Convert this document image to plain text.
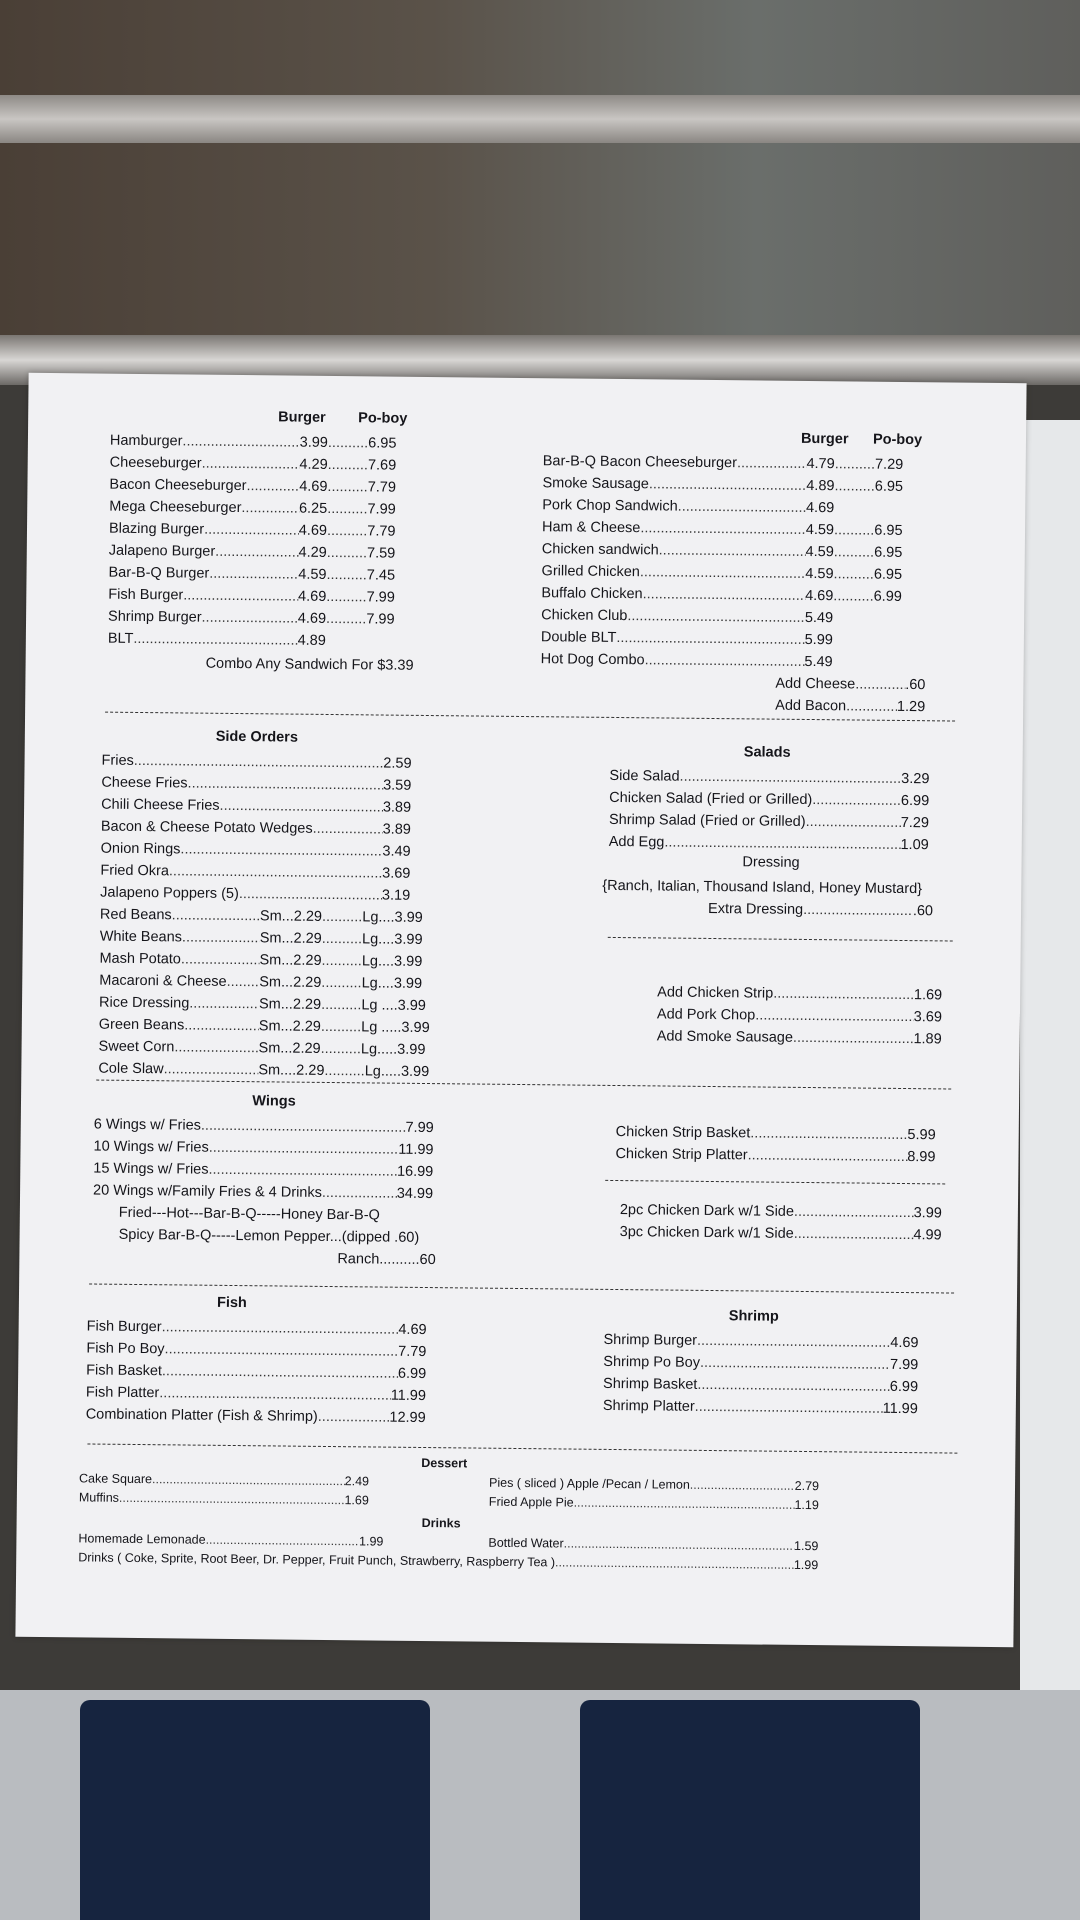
Burger Po-boy
Hamburger .....	3.99 .....	6.95
Cheeseburger .....	4.29 .....	7.69
Bacon Cheeseburger .....	4.69 .....	7.79
Mega Cheeseburger .....	6.25 .....	7.99
Blazing Burger .....	4.69 .....	7.79
Jalapeno Burger .....	4.29 .....	7.59
Bar-B-Q Burger .....	4.59 .....	7.45
Fish Burger .....	4.69 .....	7.99
Shrimp Burger .....	4.69 .....	7.99
BLT .....	4.89
Combo Any Sandwich For $3.39
Burger Po-boy
Bar-B-Q Bacon Cheeseburger .....	4.79 .....	7.29
Smoke Sausage .....	4.89 .....	6.95
Pork Chop Sandwich .....	4.69
Ham & Cheese .....	4.59 .....	6.95
Chicken sandwich .....	4.59 .....	6.95
Grilled Chicken .....	4.59 .....	6.95
Buffalo Chicken .....	4.69 .....	6.99
Chicken Club .....	5.49
Double BLT .....	5.99
Hot Dog Combo .....	5.49
Add Cheese .....	.60
Add Bacon .....	1.29
Side Orders
Fries .....	2.59
Cheese Fries .....	3.59
Chili Cheese Fries .....	3.89
Bacon & Cheese Potato Wedges .....	3.89
Onion Rings .....	3.49
Fried Okra .....	3.69
Jalapeno Poppers (5) .....	3.19
Red Beans .....	Sm...2.29 .....	Lg....3.99
White Beans .....	Sm...2.29 .....	Lg....3.99
Mash Potato .....	Sm...2.29 .....	Lg....3.99
Macaroni & Cheese ..... Sm...2.29 .....	Lg....3.99
Rice Dressing .....	Sm...2.29 .....	Lg ....3.99
Green Beans .....	Sm...2.29 .....	Lg .....3.99
Sweet Corn .....	Sm...2.29 .....	Lg.....3.99
Cole Slaw .....	Sm....2.29 .....	Lg.....3.99
Salads
Side Salad .....	3.29
Chicken Salad (Fried or Grilled) .....	6.99
Shrimp Salad (Fried or Grilled) .....	7.29
Add Egg .....	1.09
Dressing
{Ranch, Italian, Thousand Island, Honey Mustard}
Extra Dressing .....	.60
Add Chicken Strip .....	1.69
Add Pork Chop .....	3.69
Add Smoke Sausage .....	1.89
Wings
6 Wings w/ Fries .....	7.99
10 Wings w/ Fries .....	11.99
15 Wings w/ Fries .....	16.99
20 Wings w/Family Fries & 4 Drinks .....	34.99
Fried---Hot---Bar-B-Q-----Honey Bar-B-Q
Spicy Bar-B-Q-----Lemon Pepper...(dipped .60)
Ranch..........60
Chicken Strip Basket .....	5.99
Chicken Strip Platter .....	8.99
2pc Chicken Dark w/1 Side .....	3.99
3pc Chicken Dark w/1 Side .....	4.99
Fish
Fish Burger .....	4.69
Fish Po Boy .....	7.79
Fish Basket .....	6.99
Fish Platter .....	11.99
Combination Platter (Fish & Shrimp) .....	12.99
Shrimp
Shrimp Burger .....	4.69
Shrimp Po Boy .....	7.99
Shrimp Basket .....	6.99
Shrimp Platter .....	11.99
Dessert
Cake Square .....	2.49
Muffins .....	1.69
Pies ( sliced ) Apple /Pecan / Lemon .....	2.79
Fried Apple Pie .....	1.19
Drinks
Homemade Lemonade .....	1.99	Bottled Water .....	1.59
Drinks ( Coke, Sprite, Root Beer, Dr. Pepper, Fruit Punch, Strawberry, Raspberry Tea ) .....	1.99
